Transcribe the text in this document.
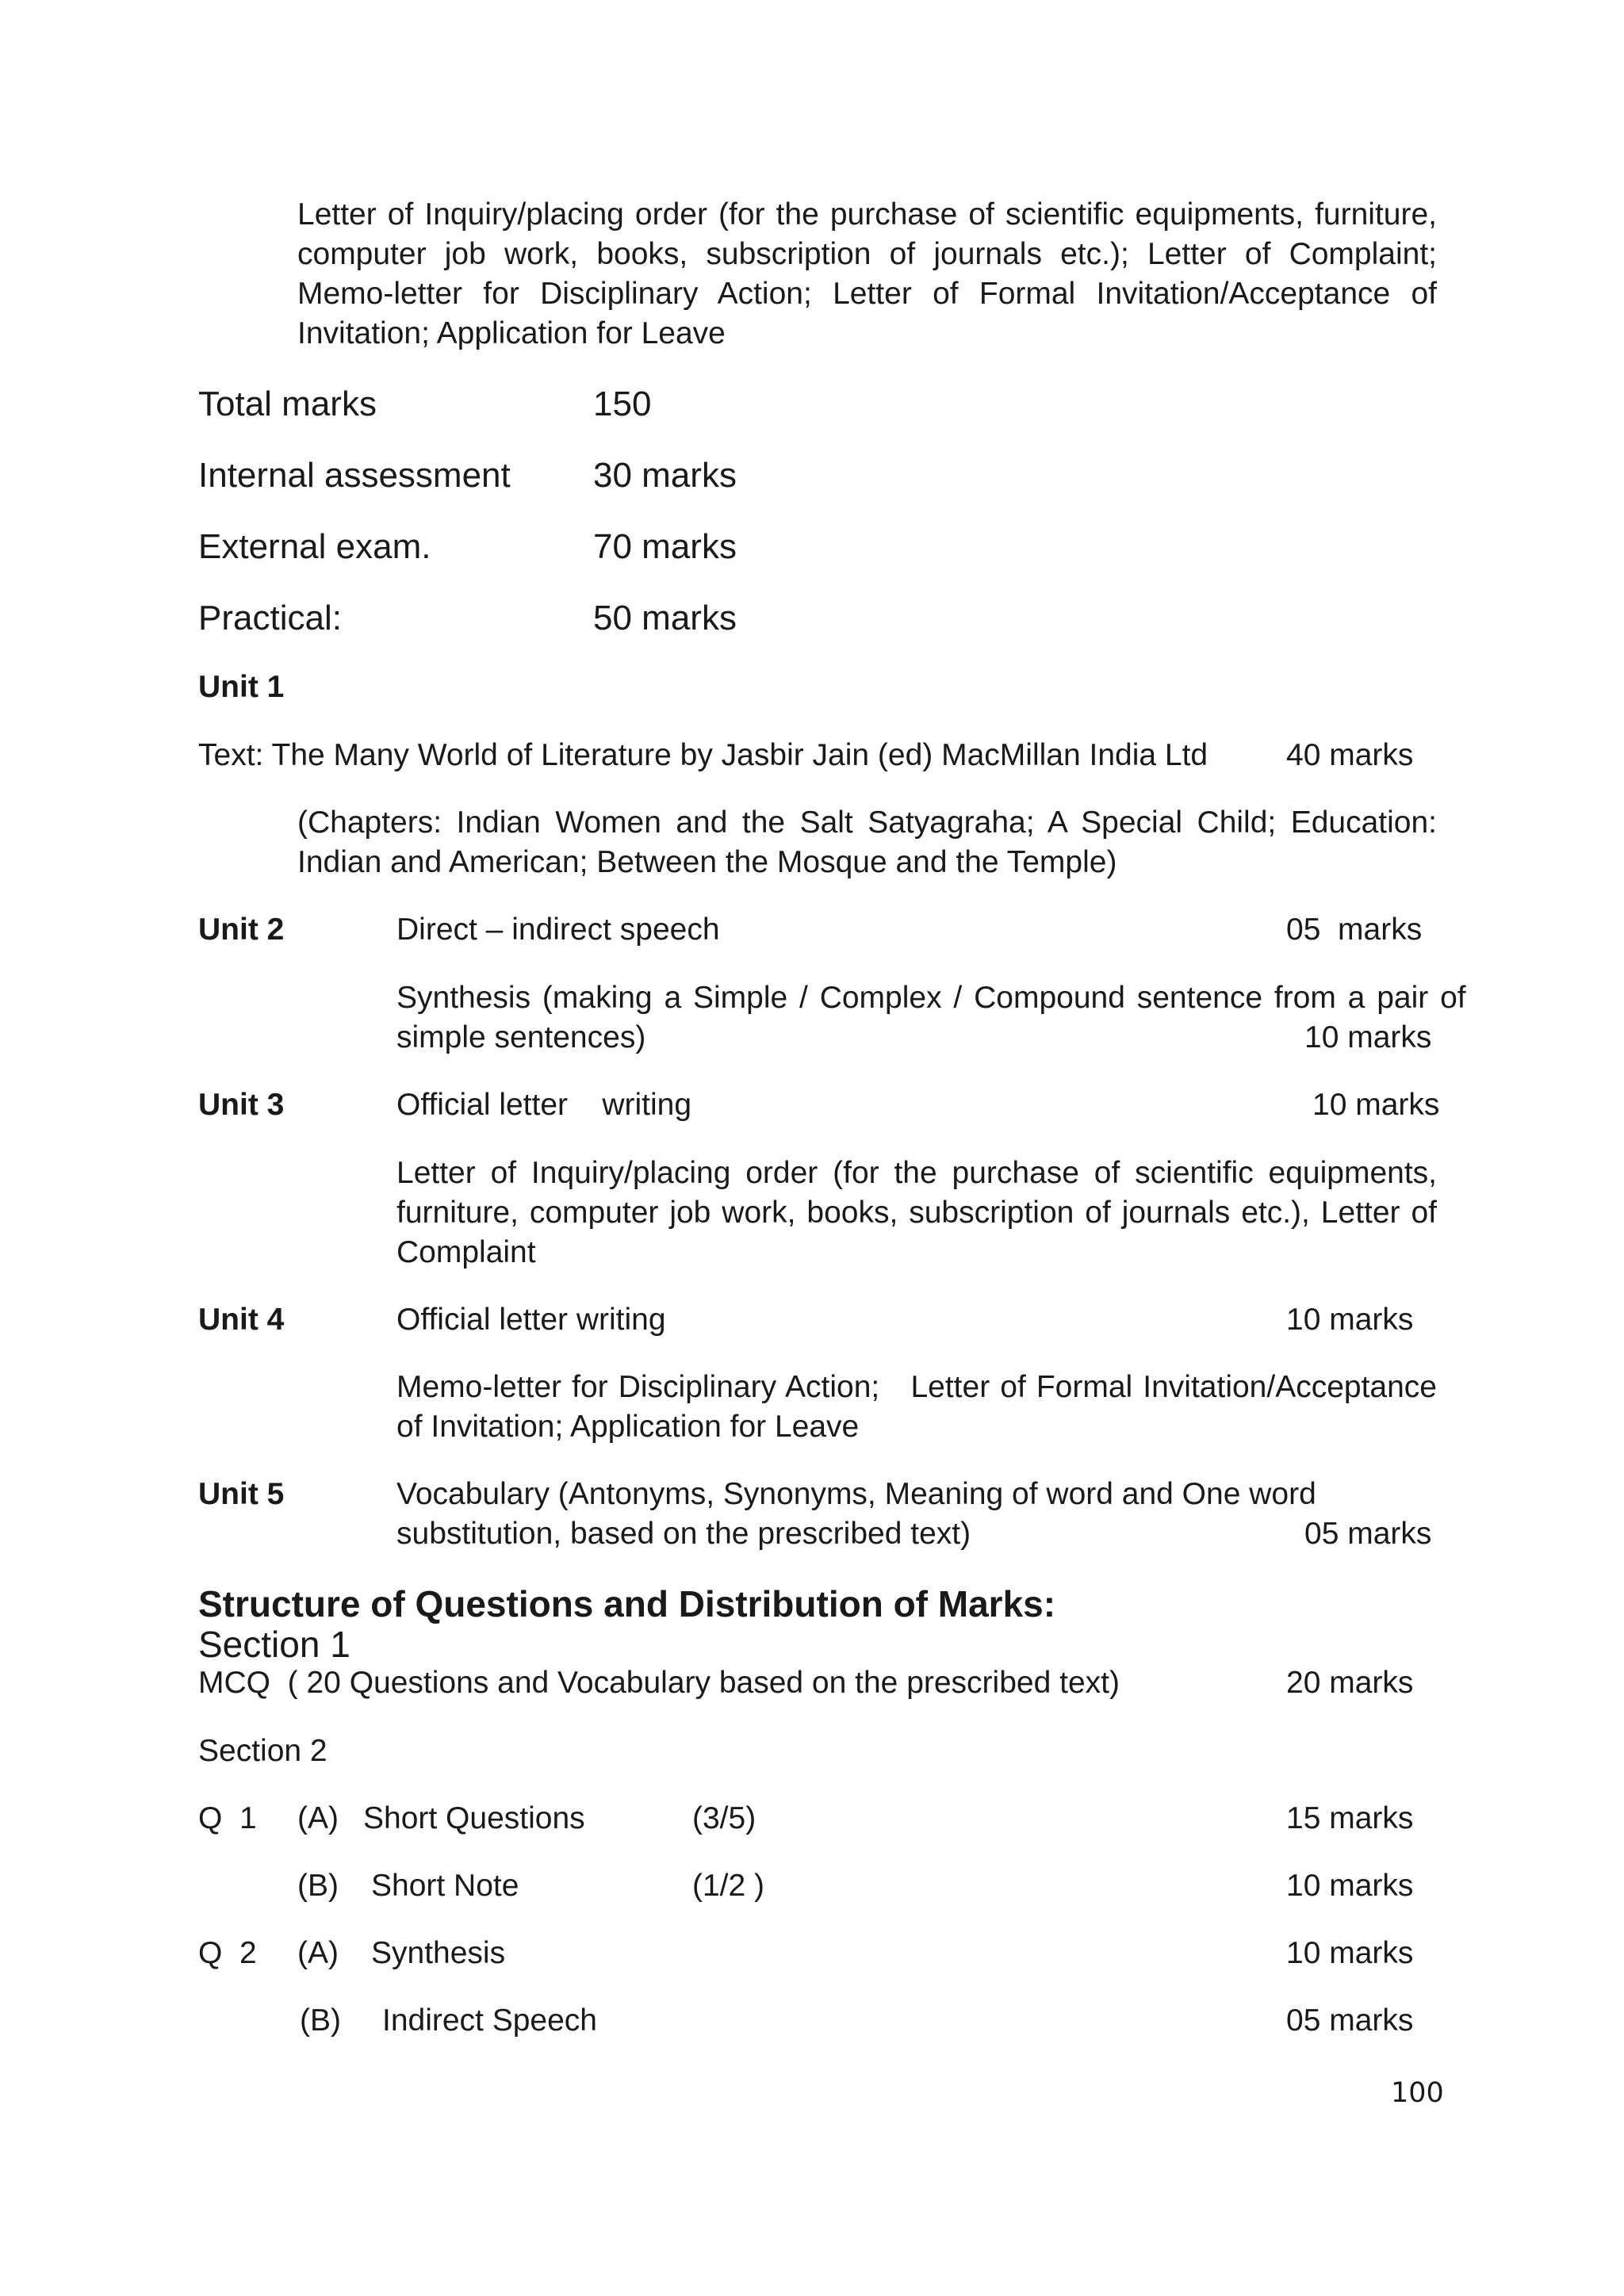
Letter of Inquiry/placing order (for the purchase of scientific equipments, furniture, computer job work, books, subscription of journals etc.); Letter of Complaint; Memo-letter for Disciplinary Action; Letter of Formal Invitation/Acceptance of Invitation; Application for Leave
Total marks	150
Internal assessment 30 marks
External exam.	70 marks
Practical:	50 marks
Unit 1
Text: The Many World of Literature by Jasbir Jain (ed) MacMillan India Ltd	40 marks
(Chapters: Indian Women and the Salt Satyagraha; A Special Child; Education: Indian and American; Between the Mosque and the Temple)
Unit 2	Direct – indirect speech	05  marks
Synthesis (making a Simple / Complex / Compound sentence from a pair of
simple sentences)	10 marks
Unit 3	Official letter    writing	10 marks
Letter of Inquiry/placing order (for the purchase of scientific equipments, furniture, computer job work, books, subscription of journals etc.), Letter of Complaint
Unit 4	Official letter writing	10 marks
Memo-letter for Disciplinary Action;   Letter of Formal Invitation/Acceptance of Invitation; Application for Leave
Unit 5	Vocabulary (Antonyms, Synonyms, Meaning of word and One word
substitution, based on the prescribed text)	05 marks
Structure of Questions and Distribution of Marks:
Section 1
MCQ  ( 20 Questions and Vocabulary based on the prescribed text)	20 marks
Section 2
Q  1 (A) Short Questions	(3/5)	15 marks
(B) Short Note	(1/2 )	10 marks
Q  2 (A) Synthesis	10 marks
(B) Indirect Speech	05 marks
100
